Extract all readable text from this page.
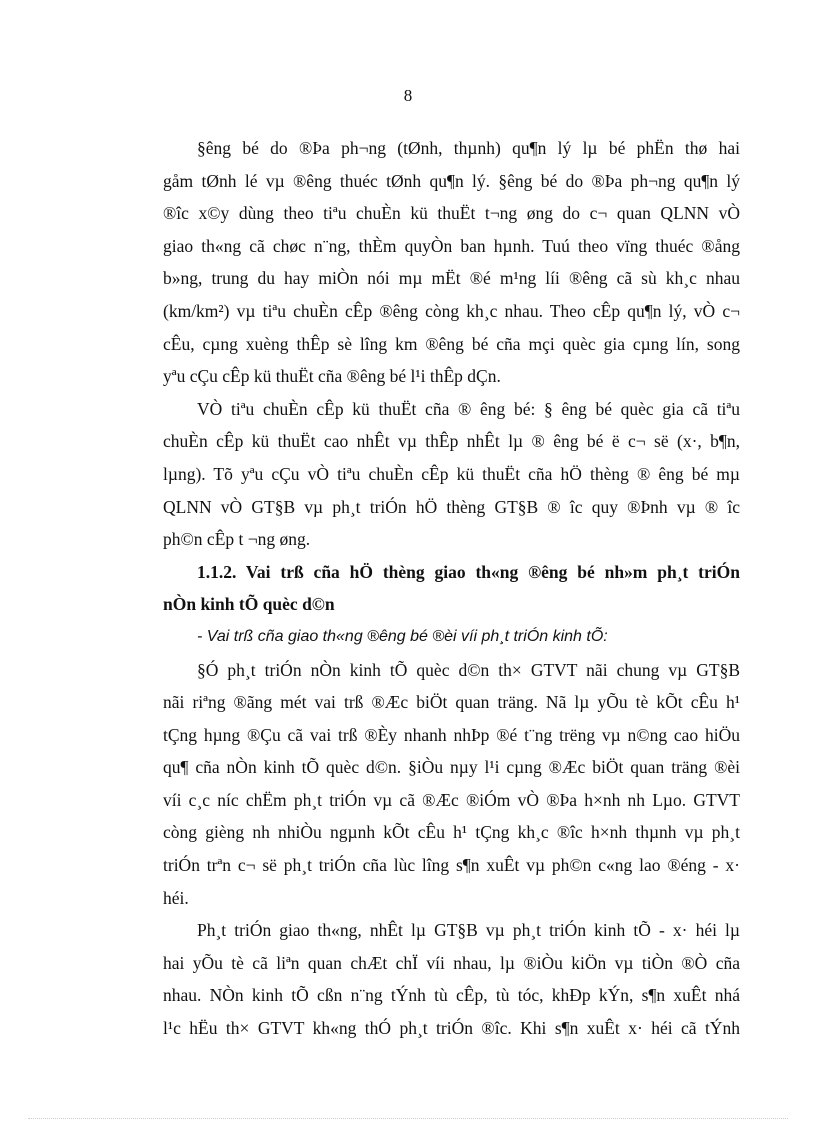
8
§êng bé do ®Þa ph¬ng (tØnh, thµnh) qu¶n lý lµ bé phËn thø hai
gåm tØnh lé vµ ®êng thuéc tØnh qu¶n lý. §êng bé do ®Þa ph¬ng qu¶n lý
®îc x©y dùng theo tiªu chuÈn kü thuËt t¬ng øng do c¬ quan QLNN vÒ
giao th«ng cã chøc n¨ng, thÈm quyÒn ban hµnh. Tuú theo vïng thuéc ®ång
b»ng, trung du hay miÒn nói mµ mËt ®é m¹ng líi ®êng cã sù kh¸c nhau
(km/km²) vµ tiªu chuÈn cÊp ®êng còng kh¸c nhau. Theo cÊp qu¶n lý, vÒ c¬
cÊu, cµng xuèng thÊp sè lîng km ®êng bé cña mçi quèc gia cµng lín, song
yªu cÇu cÊp kü thuËt cña ®êng bé l¹i thÊp dÇn.
VÒ tiªu chuÈn cÊp kü thuËt cña ® êng bé: § êng bé quèc gia cã tiªu
chuÈn cÊp kü thuËt cao nhÊt vµ thÊp nhÊt lµ ® êng bé ë c¬ së (x·, b¶n,
lµng). Tõ yªu cÇu vÒ tiªu chuÈn cÊp kü thuËt cña hÖ thèng ® êng bé mµ
QLNN vÒ GT§B vµ ph¸t triÓn hÖ thèng GT§B ® îc quy ®Þnh vµ ® îc
ph©n cÊp t ¬ng øng.
1.1.2. Vai trß cña hÖ thèng giao th«ng ®êng bé nh»m ph¸t triÓn
nÒn kinh tÕ quèc d©n
- Vai trß cña giao th«ng ®êng bé ®èi víi ph¸t triÓn kinh tÕ:
§Ó ph¸t triÓn nÒn kinh tÕ quèc d©n th× GTVT nãi chung vµ GT§B
nãi riªng ®ãng mét vai trß ®Æc biÖt quan träng. Nã lµ yÕu tè kÕt cÊu h¹
tÇng hµng ®Çu cã vai trß ®Èy nhanh nhÞp ®é t¨ng trëng vµ n©ng cao hiÖu
qu¶ cña nÒn kinh tÕ quèc d©n. §iÒu nµy l¹i cµng ®Æc biÖt quan träng ®èi
víi c¸c níc chËm ph¸t triÓn vµ cã ®Æc ®iÓm vÒ ®Þa h×nh nh Lµo. GTVT
còng gièng nh nhiÒu ngµnh kÕt cÊu h¹ tÇng kh¸c ®îc h×nh thµnh vµ ph¸t
triÓn trªn c¬ së ph¸t triÓn cña lùc lîng s¶n xuÊt vµ ph©n c«ng lao ®éng - x·
héi.
Ph¸t triÓn giao th«ng, nhÊt lµ GT§B vµ ph¸t triÓn kinh tÕ - x· héi lµ
hai yÕu tè cã liªn quan chÆt chÏ víi nhau, lµ ®iÒu kiÖn vµ tiÒn ®Ò cña
nhau. NÒn kinh tÕ cßn n¨ng tÝnh tù cÊp, tù tóc, khÐp kÝn, s¶n xuÊt nhá
l¹c hËu th× GTVT kh«ng thÓ ph¸t triÓn ®îc. Khi s¶n xuÊt x· héi cã tÝnh
